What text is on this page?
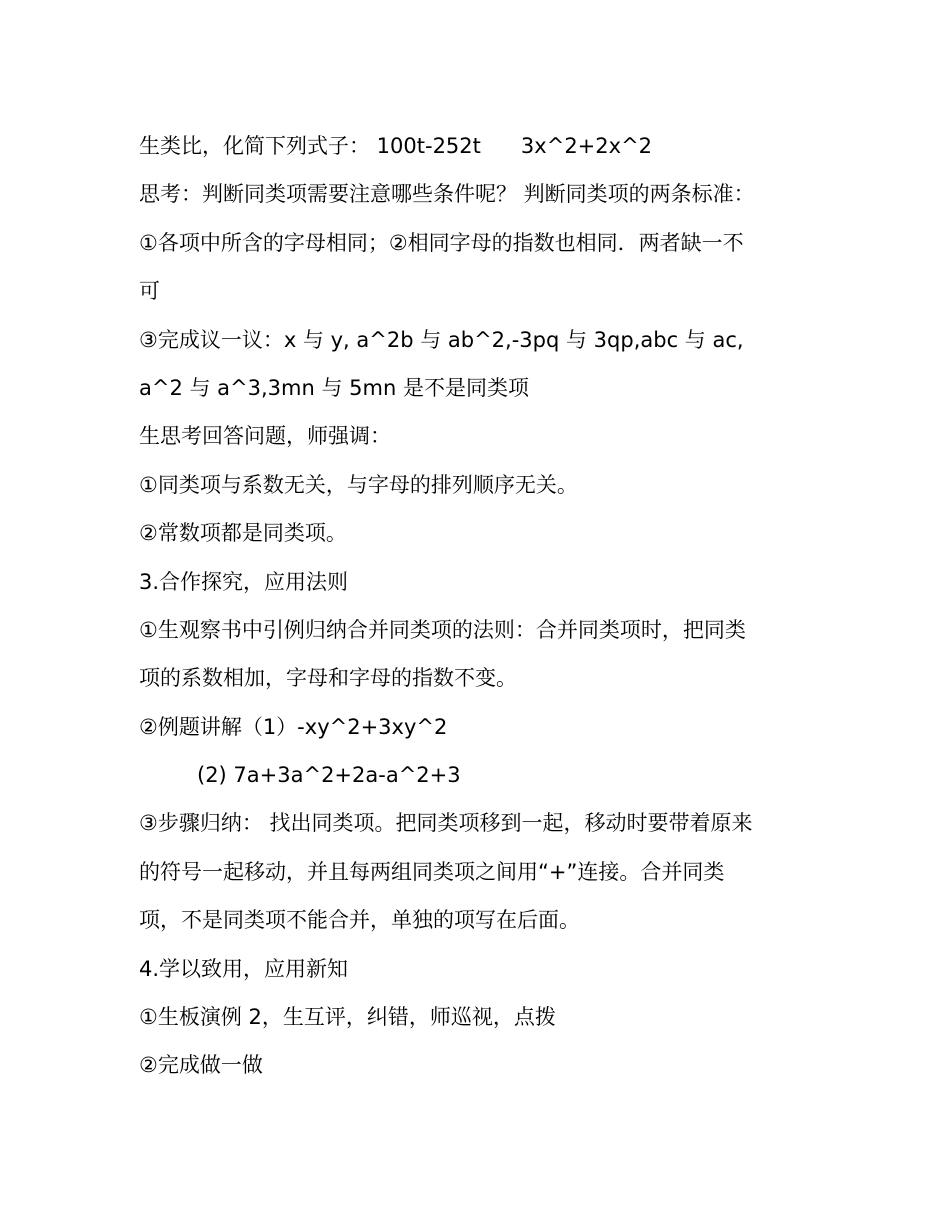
生类比，化简下列式子： 100t-252t      3x^2+2x^2
思考：判断同类项需要注意哪些条件呢？ 判断同类项的两条标准：
①各项中所含的字母相同；②相同字母的指数也相同．两者缺一不
可
③完成议一议：x 与 y, a^2b 与 ab^2,-3pq 与 3qp,abc 与 ac,
a^2 与 a^3,3mn 与 5mn 是不是同类项
生思考回答问题，师强调：
①同类项与系数无关，与字母的排列顺序无关。
②常数项都是同类项。
3.合作探究，应用法则
①生观察书中引例归纳合并同类项的法则：合并同类项时，把同类
项的系数相加，字母和字母的指数不变。
②例题讲解（1）-xy^2+3xy^2
(2) 7a+3a^2+2a-a^2+3
③步骤归纳： 找出同类项。把同类项移到一起，移动时要带着原来
的符号一起移动，并且每两组同类项之间用“+”连接。合并同类
项，不是同类项不能合并，单独的项写在后面。
4.学以致用，应用新知
①生板演例 2，生互评，纠错，师巡视，点拨
②完成做一做
